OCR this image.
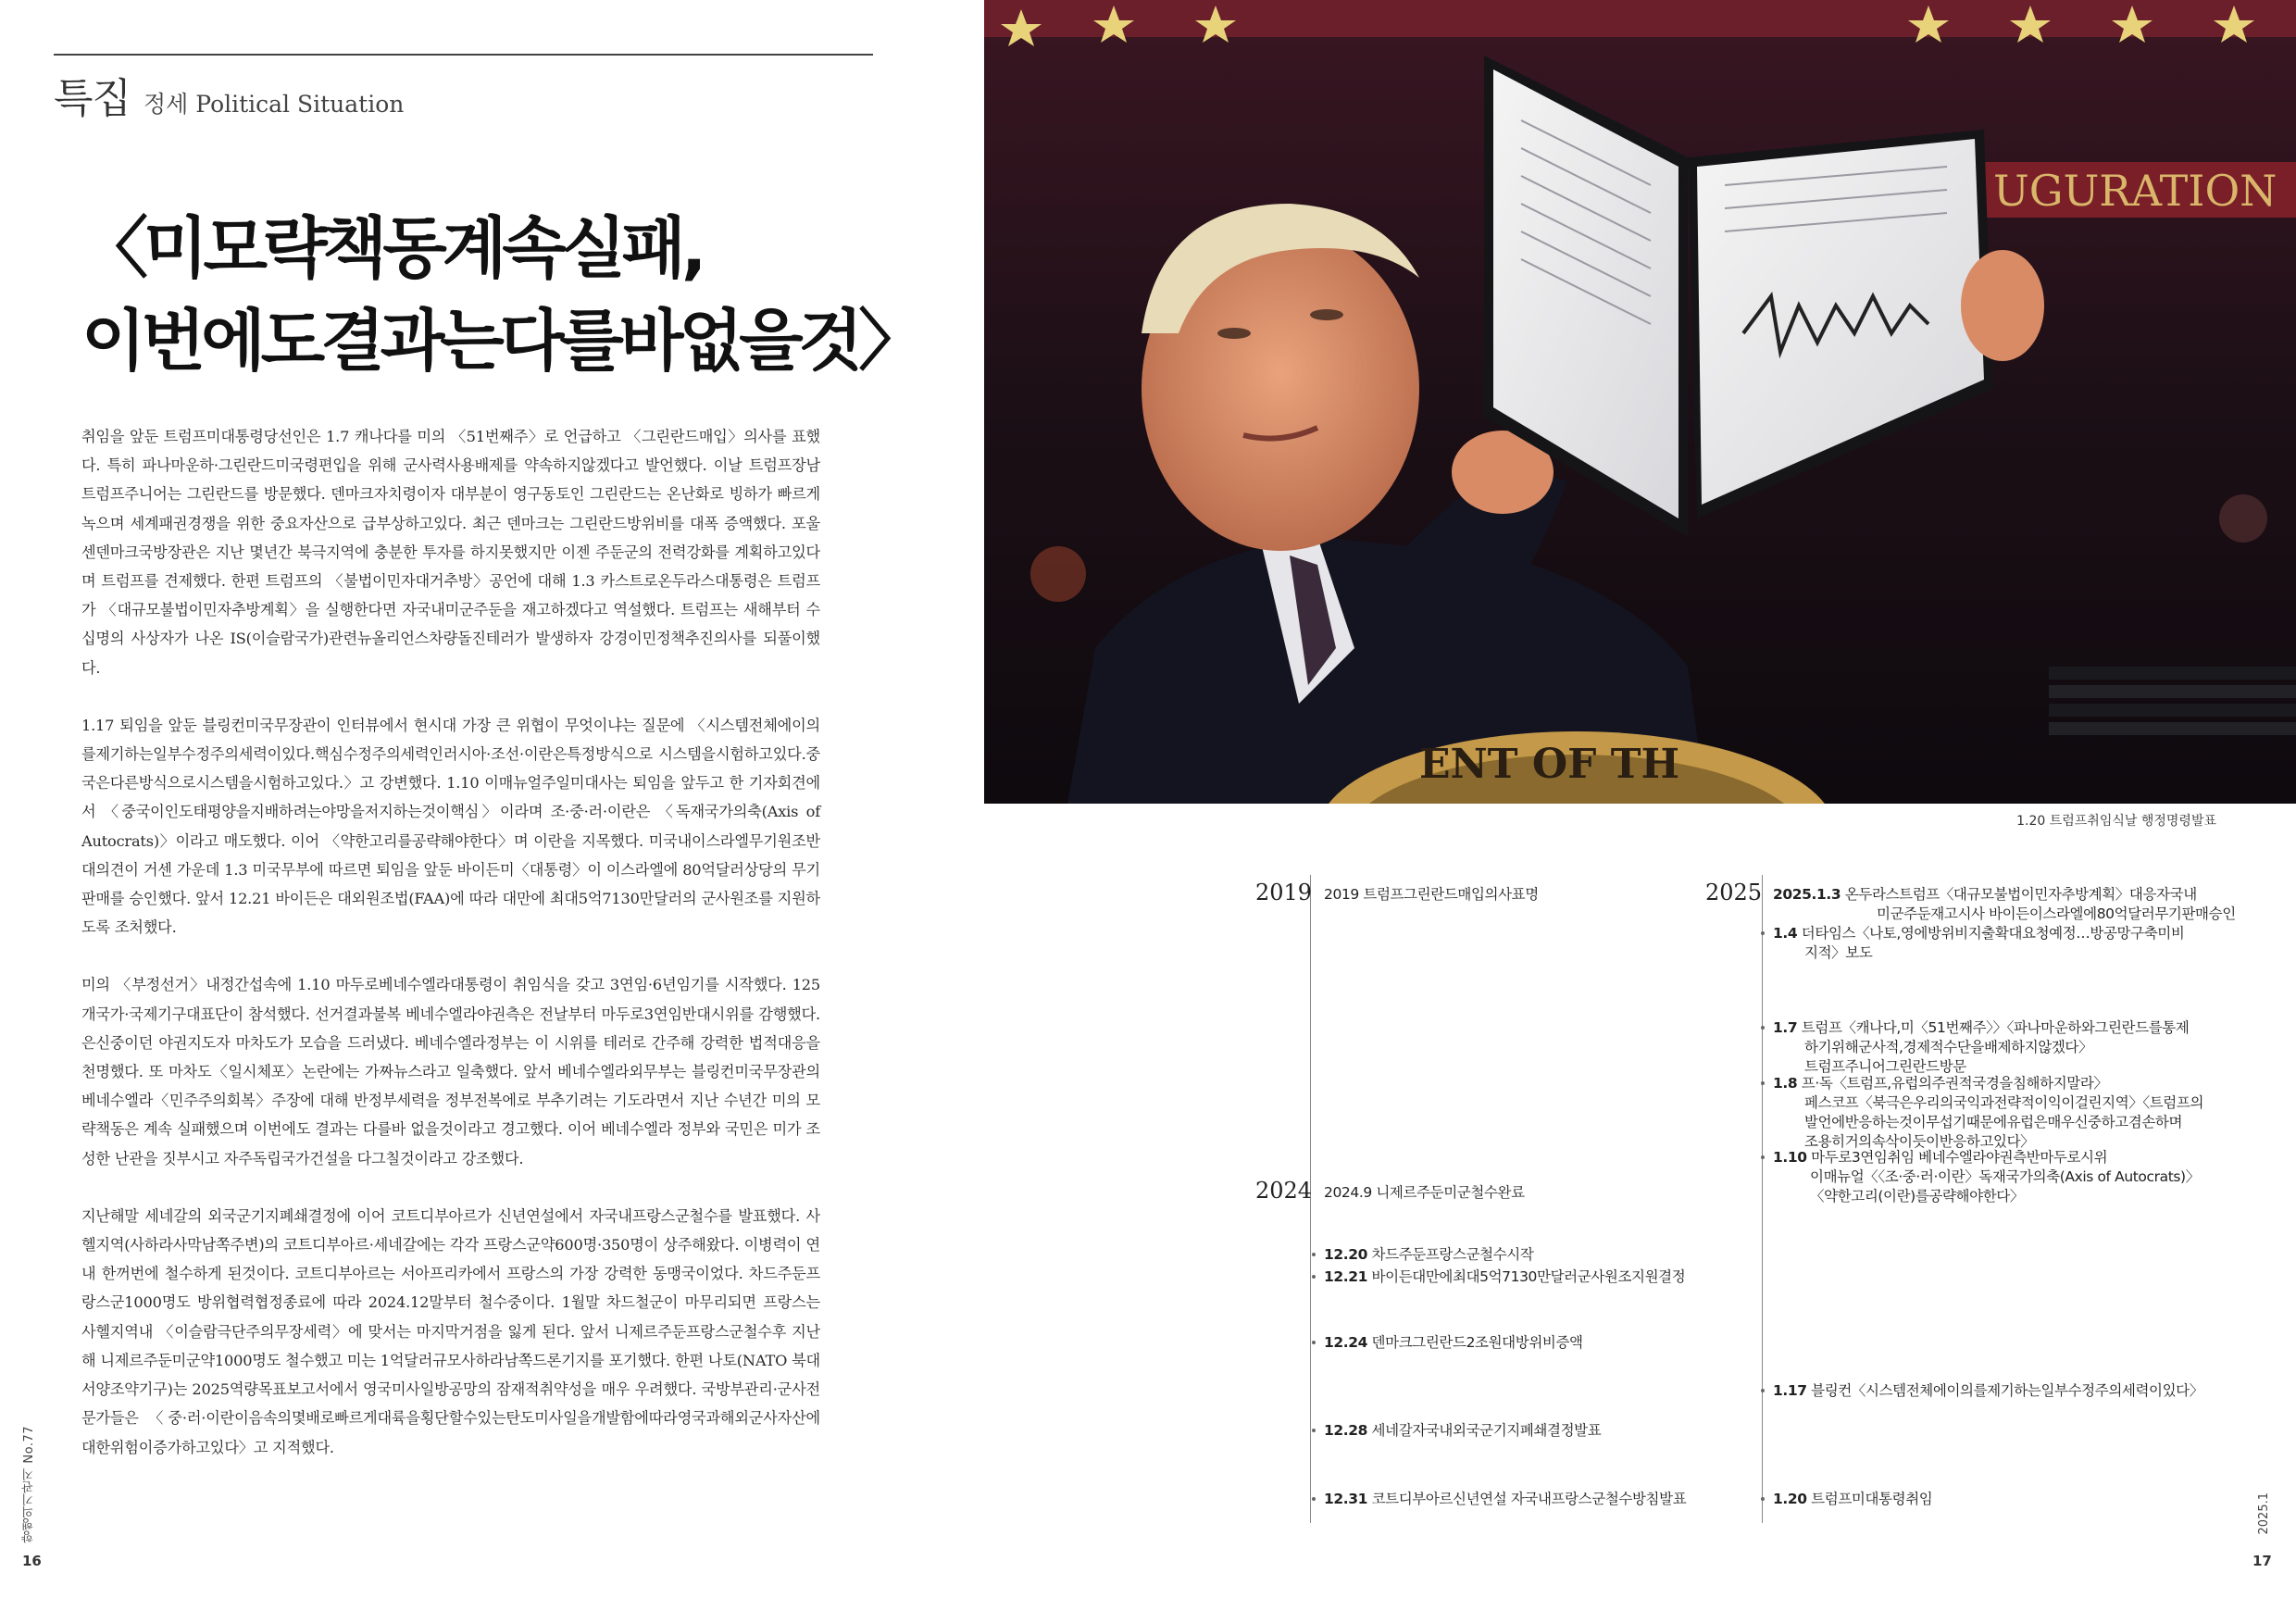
특집 정세 Political Situation
〈미모략책동계속실패,
이번에도결과는다를바없을것〉

취임을 앞둔 트럼프미대통령당선인은 1.7 캐나다를 미의 〈51번째주〉로 언급하고 〈그린란드매입〉의사를 표했다. 특히 파나마운하·그린란드미국령편입을 위해 군사력사용배제를 약속하지않겠다고 발언했다. 이날 트럼프장남 트럼프주니어는 그린란드를 방문했다. 덴마크자치령이자 대부분이 영구동토인 그린란드는 온난화로 빙하가 빠르게 녹으며 세계패권경쟁을 위한 중요자산으로 급부상하고있다. 최근 덴마크는 그린란드방위비를 대폭 증액했다. 포울센덴마크국방장관은 지난 몇년간 북극지역에 충분한 투자를 하지못했지만 이젠 주둔군의 전력강화를 계획하고있다며 트럼프를 견제했다. 한편 트럼프의 〈불법이민자대거추방〉공언에 대해 1.3 카스트로온두라스대통령은 트럼프가 〈대규모불법이민자추방계획〉을 실행한다면 자국내미군주둔을 재고하겠다고 역설했다. 트럼프는 새해부터 수십명의 사상자가 나온 IS(이슬람국가)관련뉴올리언스차량돌진테러가 발생하자 강경이민정책추진의사를 되풀이했다.

1.17 퇴임을 앞둔 블링컨미국무장관이 인터뷰에서 현시대 가장 큰 위협이 무엇이냐는 질문에 〈시스템전체에이의를제기하는일부수정주의세력이있다.핵심수정주의세력인러시아·조선·이란은특정방식으로 시스템을시험하고있다.중국은다른방식으로시스템을시험하고있다.〉고 강변했다. 1.10 이매뉴얼주일미대사는 퇴임을 앞두고 한 기자회견에서 〈중국이인도태평양을지배하려는야망을저지하는것이핵심〉이라며 조·중·러·이란은 〈독재국가의축(Axis of Autocrats)〉이라고 매도했다. 이어 〈약한고리를공략해야한다〉며 이란을 지목했다. 미국내이스라엘무기원조반대의견이 거센 가운데 1.3 미국무부에 따르면 퇴임을 앞둔 바이든미〈대통령〉이 이스라엘에 80억달러상당의 무기판매를 승인했다. 앞서 12.21 바이든은 대외원조법(FAA)에 따라 대만에 최대5억7130만달러의 군사원조를 지원하도록 조처했다.

미의 〈부정선거〉내정간섭속에 1.10 마두로베네수엘라대통령이 취임식을 갖고 3연임·6년임기를 시작했다. 125개국가·국제기구대표단이 참석했다. 선거결과불복 베네수엘라야권측은 전날부터 마두로3연임반대시위를 감행했다. 은신중이던 야권지도자 마차도가 모습을 드러냈다. 베네수엘라정부는 이 시위를 테러로 간주해 강력한 법적대응을 천명했다. 또 마차도〈일시체포〉논란에는 가짜뉴스라고 일축했다. 앞서 베네수엘라외무부는 블링컨미국무장관의 베네수엘라〈민주주의회복〉주장에 대해 반정부세력을 정부전복에로 부추기려는 기도라면서 지난 수년간 미의 모략책동은 계속 실패했으며 이번에도 결과는 다를바 없을것이라고 경고했다. 이어 베네수엘라 정부와 국민은 미가 조성한 난관을 짓부시고 자주독립국가건설을 다그칠것이라고 강조했다.

지난해말 세네갈의 외국군기지폐쇄결정에 이어 코트디부아르가 신년연설에서 자국내프랑스군철수를 발표했다. 사헬지역(사하라사막남쪽주변)의 코트디부아르·세네갈에는 각각 프랑스군약600명·350명이 상주해왔다. 이병력이 연내 한꺼번에 철수하게 된것이다. 코트디부아르는 서아프리카에서 프랑스의 가장 강력한 동맹국이었다. 차드주둔프랑스군1000명도 방위협력협정종료에 따라 2024.12말부터 철수중이다. 1월말 차드철군이 마무리되면 프랑스는 사헬지역내 〈이슬람극단주의무장세력〉에 맞서는 마지막거점을 잃게 된다. 앞서 니제르주둔프랑스군철수후 지난해 니제르주둔미군약1000명도 철수했고 미는 1억달러규모사하라남쪽드론기지를 포기했다. 한편 나토(NATO 북대서양조약기구)는 2025역량목표보고서에서 영국미사일방공망의 잠재적취약성을 매우 우려했다. 국방부관리·군사전문가들은 〈중·러·이란이음속의몇배로빠르게대륙을횡단할수있는탄도미사일을개발함에따라영국과해외군사자산에대한위험이증가하고있다〉고 지적했다.

향행의기관지 No.77
16
UGURATION
ENT OF TH
1.20 트럼프취임식날 행정명령발표
2019
2024
2025
2019 트럼프그린란드매입의사표명
2024.9 니제르주둔미군철수완료
12.20 차드주둔프랑스군철수시작
12.21 바이든대만에최대5억7130만달러군사원조지원결정
12.24 덴마크그린란드2조원대방위비증액
12.28 세네갈자국내외국군기지폐쇄결정발표
12.31 코트디부아르신년연설 자국내프랑스군철수방침발표
2025.1.3 온두라스트럼프〈대규모불법이민자추방계획〉대응자국내
미군주둔재고시사 바이든이스라엘에80억달러무기판매승인
1.4 더타임스〈나토,영에방위비지출확대요청예정…방공망구축미비
지적〉보도
1.7 트럼프〈캐나다,미〈51번째주〉〉〈파나마운하와그린란드를통제
하기위해군사적,경제적수단을배제하지않겠다〉
트럼프주니어그린란드방문
1.8 프·독〈트럼프,유럽의주권적국경을침해하지말라〉
페스코프〈북극은우리의국익과전략적이익이걸린지역〉〈트럼프의
발언에반응하는것이무섭기때문에유럽은매우신중하고겸손하며
조용히거의속삭이듯이반응하고있다〉
1.10 마두로3연임취임 베네수엘라야권측반마두로시위
이매뉴얼〈〈조·중·러·이란〉독재국가의축(Axis of Autocrats)〉
〈약한고리(이란)를공략해야한다〉
1.17 블링컨〈시스템전체에이의를제기하는일부수정주의세력이있다〉
1.20 트럼프미대통령취임	2025.1
17
